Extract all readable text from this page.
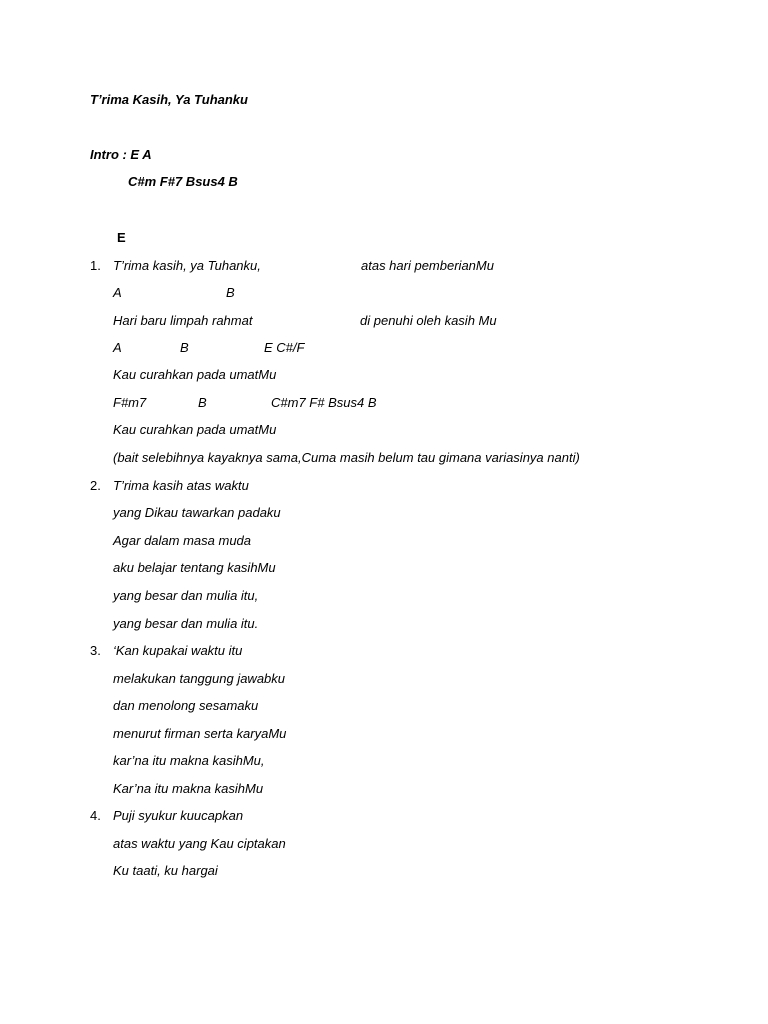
T’rima Kasih, Ya Tuhanku
Intro : E A
C#m F#7 Bsus4 B
E
1. T’rima kasih, ya Tuhanku,	atas hari pemberianMu
A	B
Hari baru limpah rahmat	di penuhi oleh kasih Mu
A	B	E C#/F
Kau curahkan pada umatMu
F#m7	B	C#m7 F# Bsus4 B
Kau curahkan pada umatMu
(bait selebihnya kayaknya sama,Cuma masih belum tau gimana variasinya nanti)
2. T’rima kasih atas waktu
yang Dikau tawarkan padaku
Agar dalam masa muda
aku belajar tentang kasihMu
yang besar dan mulia itu,
yang besar dan mulia itu.
3. ‘Kan kupakai waktu itu
melakukan tanggung jawabku
dan menolong sesamaku
menurut firman serta karyaMu
kar’na itu makna kasihMu,
Kar’na itu makna kasihMu
4. Puji syukur kuucapkan
atas waktu yang Kau ciptakan
Ku taati, ku hargai
